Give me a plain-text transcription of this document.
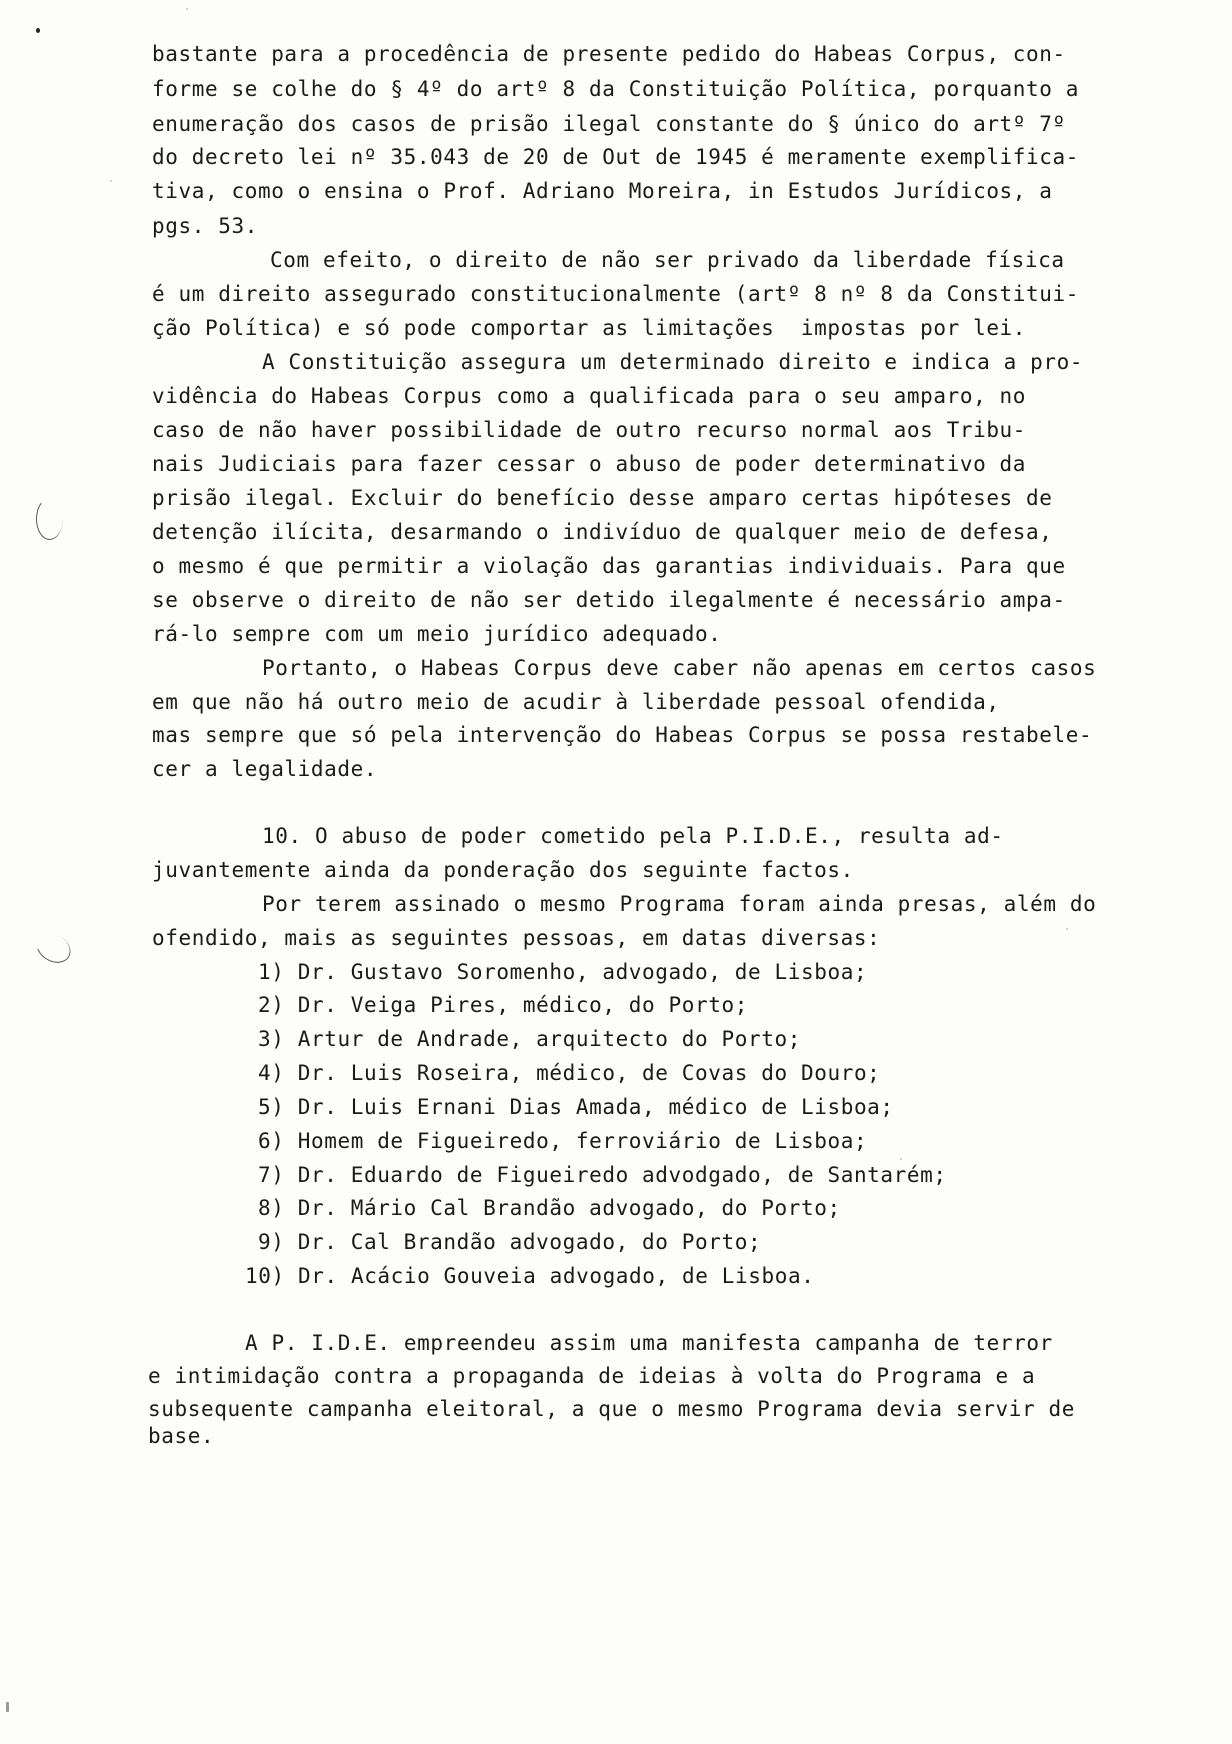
bastante para a procedência de presente pedido do Habeas Corpus, con-
forme se colhe do § 4º do artº 8 da Constituição Política, porquanto a
enumeração dos casos de prisão ilegal constante do § único do artº 7º
do decreto lei nº 35.043 de 20 de Out de 1945 é meramente exemplifica-
tiva, como o ensina o Prof. Adriano Moreira, in Estudos Jurídicos, a
pgs. 53.
Com efeito, o direito de não ser privado da liberdade física
é um direito assegurado constitucionalmente (artº 8 nº 8 da Constitui-
ção Política) e só pode comportar as limitações  impostas por lei.
A Constituição assegura um determinado direito e indica a pro-
vidência do Habeas Corpus como a qualificada para o seu amparo, no
caso de não haver possibilidade de outro recurso normal aos Tribu-
nais Judiciais para fazer cessar o abuso de poder determinativo da
prisão ilegal. Excluir do benefício desse amparo certas hipóteses de
detenção ilícita, desarmando o indivíduo de qualquer meio de defesa,
o mesmo é que permitir a violação das garantias individuais. Para que
se observe o direito de não ser detido ilegalmente é necessário ampa-
rá-lo sempre com um meio jurídico adequado.
Portanto, o Habeas Corpus deve caber não apenas em certos casos
em que não há outro meio de acudir à liberdade pessoal ofendida,
mas sempre que só pela intervenção do Habeas Corpus se possa restabele-
cer a legalidade.
10. O abuso de poder cometido pela P.I.D.E., resulta ad-
juvantemente ainda da ponderação dos seguinte factos.
Por terem assinado o mesmo Programa foram ainda presas, além do
ofendido, mais as seguintes pessoas, em datas diversas:
1) Dr. Gustavo Soromenho, advogado, de Lisboa;
2) Dr. Veiga Pires, médico, do Porto;
3) Artur de Andrade, arquitecto do Porto;
4) Dr. Luis Roseira, médico, de Covas do Douro;
5) Dr. Luis Ernani Dias Amada, médico de Lisboa;
6) Homem de Figueiredo, ferroviário de Lisboa;
7) Dr. Eduardo de Figueiredo advodgado, de Santarém;
8) Dr. Mário Cal Brandão advogado, do Porto;
9) Dr. Cal Brandão advogado, do Porto;
10) Dr. Acácio Gouveia advogado, de Lisboa.
A P. I.D.E. empreendeu assim uma manifesta campanha de terror
e intimidação contra a propaganda de ideias à volta do Programa e a
subsequente campanha eleitoral, a que o mesmo Programa devia servir de
base.
